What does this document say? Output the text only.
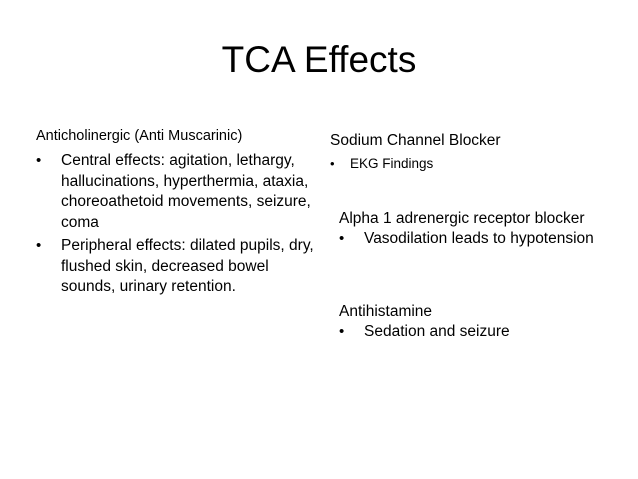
TCA Effects
Anticholinergic (Anti Muscarinic)
• Central effects: agitation, lethargy, hallucinations, hyperthermia, ataxia, choreoathetoid movements, seizure, coma
• Peripheral effects: dilated pupils, dry, flushed skin, decreased bowel sounds, urinary retention.
Sodium Channel Blocker
• EKG Findings
Alpha 1 adrenergic receptor blocker
• Vasodilation leads to hypotension
Antihistamine
• Sedation and seizure
